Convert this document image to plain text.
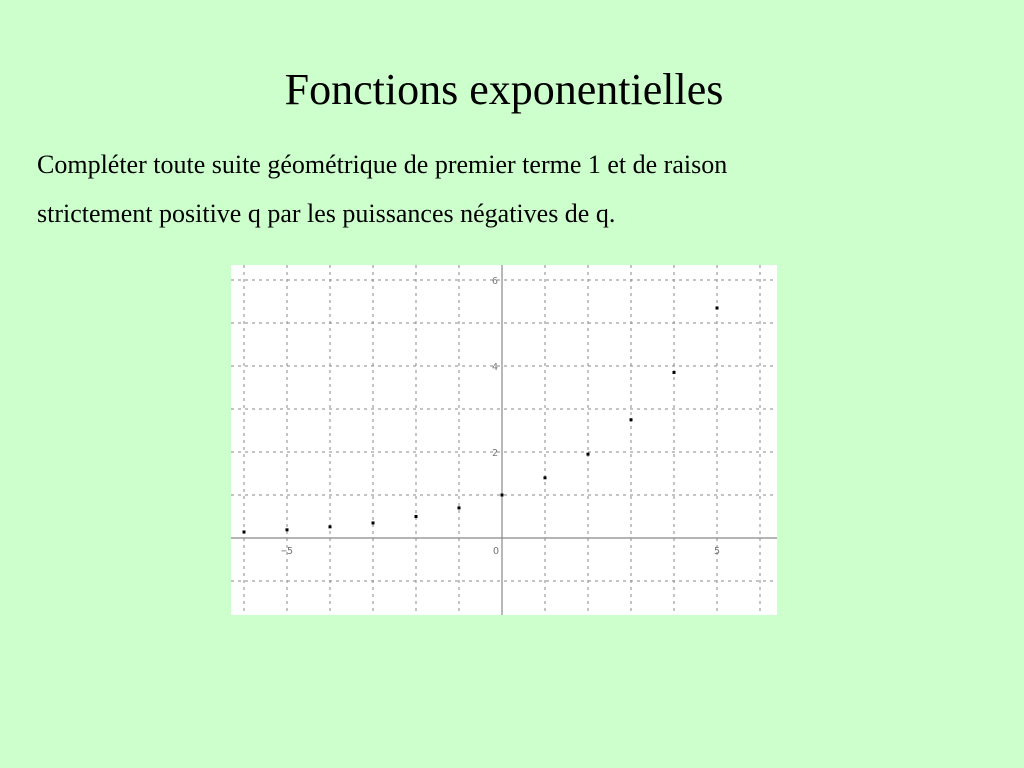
Fonctions exponentielles
Compléter toute suite géométrique de premier terme 1 et de raison
strictement positive q par les puissances négatives de q.
−5	O	5
2
4
6
